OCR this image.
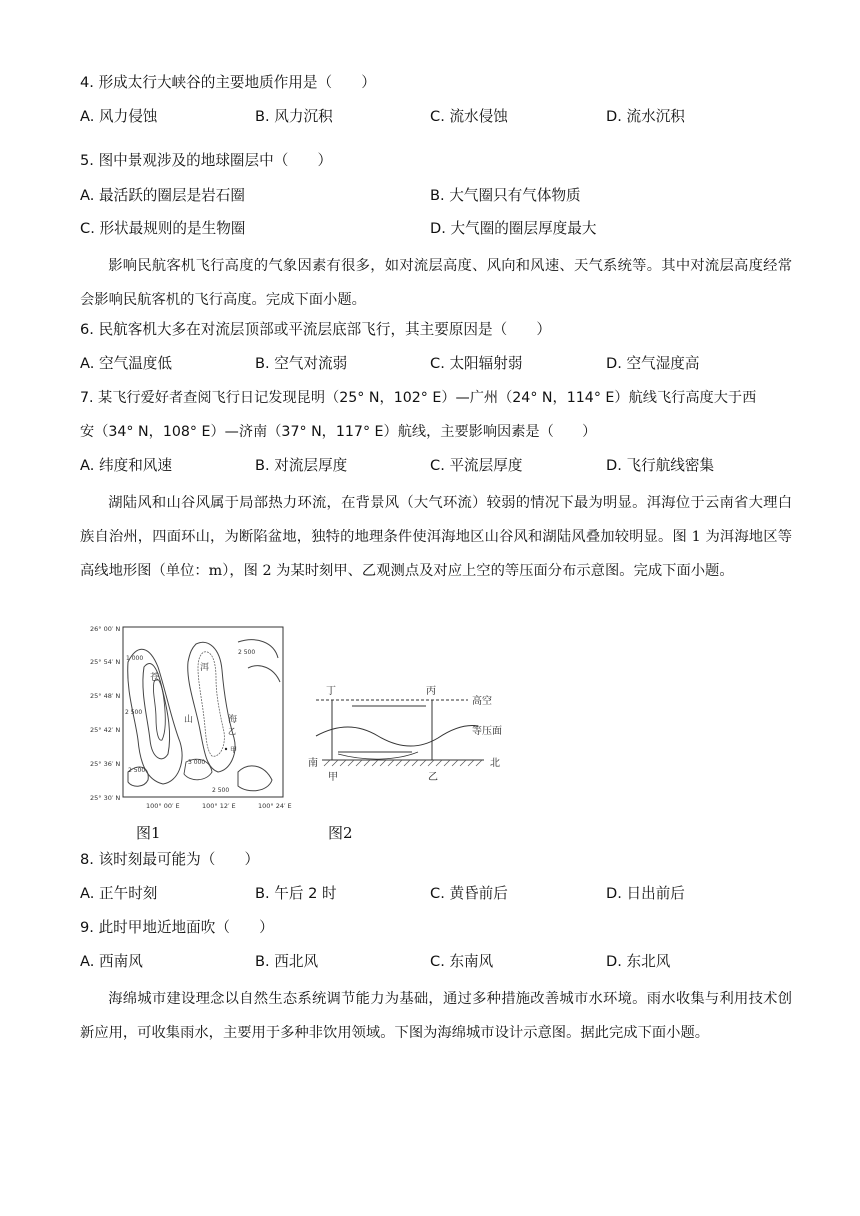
4. 形成太行大峡谷的主要地质作用是（　　）
A. 风力侵蚀	B. 风力沉积	C. 流水侵蚀	D. 流水沉积
5. 图中景观涉及的地球圈层中（　　）
A. 最活跃的圈层是岩石圈	B. 大气圈只有气体物质
C. 形状最规则的是生物圈	D. 大气圈的圈层厚度最大
影响民航客机飞行高度的气象因素有很多，如对流层高度、风向和风速、天气系统等。其中对流层高度经常会影响民航客机的飞行高度。完成下面小题。
6. 民航客机大多在对流层顶部或平流层底部飞行，其主要原因是（　　）
A. 空气温度低	B. 空气对流弱	C. 太阳辐射弱	D. 空气湿度高
7. 某飞行爱好者查阅飞行日记发现昆明（25° N，102° E）—广州（24° N，114° E）航线飞行高度大于西
安（34° N，108° E）—济南（37° N，117° E）航线，主要影响因素是（　　）
A. 纬度和风速	B. 对流层厚度	C. 平流层厚度	D. 飞行航线密集
湖陆风和山谷风属于局部热力环流，在背景风（大气环流）较弱的情况下最为明显。洱海位于云南省大理白族自治州，四面环山，为断陷盆地，独特的地理条件使洱海地区山谷风和湖陆风叠加较明显。图 1 为洱海地区等高线地形图（单位：m），图 2 为某时刻甲、乙观测点及对应上空的等压面分布示意图。完成下面小题。
26° 00′ N
25° 54′ N
25° 48′ N
25° 42′ N
25° 36′ N
25° 30′ N
100° 00′ E	100° 12′ E	100° 24′ E
1 000
2 500
2 500
2 500
3 000
2 500
苍
山
洱
海
乙
甲
图1
丁	丙
高空
等压面
南	北
甲	乙
图2
8. 该时刻最可能为（　　）
A. 正午时刻	B. 午后 2 时	C. 黄昏前后	D. 日出前后
9. 此时甲地近地面吹（　　）
A. 西南风	B. 西北风	C. 东南风	D. 东北风
海绵城市建设理念以自然生态系统调节能力为基础，通过多种措施改善城市水环境。雨水收集与利用技术创新应用，可收集雨水，主要用于多种非饮用领域。下图为海绵城市设计示意图。据此完成下面小题。
